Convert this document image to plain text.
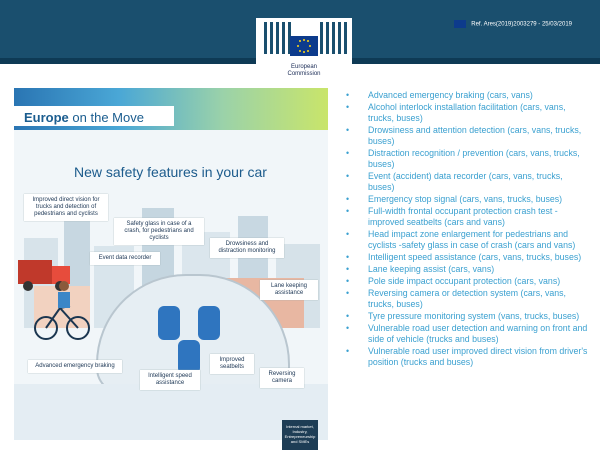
Ref. Ares(2019)2003279 - 25/03/2019
European
Commission
Europe on the Move
New safety features in your car
Improved direct vision for trucks and detection of pedestrians and cyclists
Safety glass in case of a crash, for pedestrians and cyclists
Drowsiness and distraction monitoring
Event data recorder
Lane keeping assistance
Advanced emergency braking
Intelligent speed assistance
Improved seatbelts
Reversing camera
Internal market, Industry, Entrepreneurship and SMEs
• Advanced emergency braking (cars, vans)
• Alcohol interlock installation facilitation (cars, vans, trucks, buses)
• Drowsiness and attention detection (cars, vans, trucks, buses)
• Distraction recognition / prevention (cars, vans, trucks, buses)
• Event (accident) data recorder (cars, vans, trucks, buses)
• Emergency stop signal (cars, vans, trucks, buses)
• Full-width frontal occupant protection crash test - improved seatbelts (cars and vans)
• Head impact zone enlargement for pedestrians and cyclists -safety glass in case of crash (cars and vans)
• Intelligent speed assistance (cars, vans, trucks, buses)
• Lane keeping assist (cars, vans)
• Pole side impact occupant protection (cars, vans)
• Reversing camera or detection system (cars, vans, trucks, buses)
• Tyre pressure monitoring system (vans, trucks, buses)
• Vulnerable road user detection and warning on front and side of vehicle (trucks and buses)
• Vulnerable road user improved direct vision from driver's position (trucks and buses)
